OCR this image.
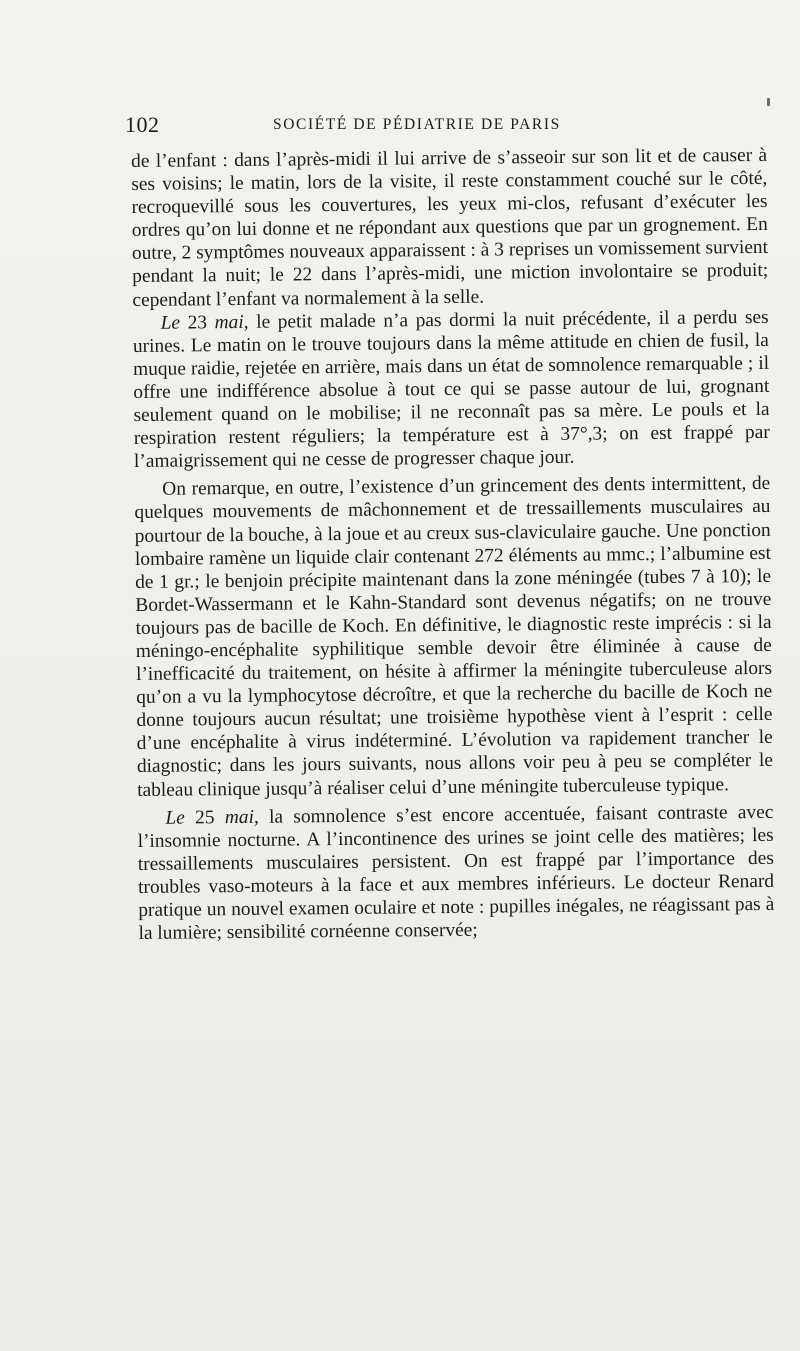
102	SOCIÉTÉ DE PÉDIATRIE DE PARIS

de l’enfant : dans l’après-midi il lui arrive de s’asseoir sur son lit et de causer à ses voisins; le matin, lors de la visite, il reste constamment couché sur le côté, recroquevillé sous les couvertures, les yeux mi-clos, refusant d’exécuter les ordres qu’on lui donne et ne répondant aux questions que par un grognement. En outre, 2 symptômes nouveaux apparaissent : à 3 reprises un vomissement survient pendant la nuit; le 22 dans l’après-midi, une miction involontaire se produit; cependant l’enfant va normalement à la selle.

Le 23 mai, le petit malade n’a pas dormi la nuit précédente, il a perdu ses urines. Le matin on le trouve toujours dans la même attitude en chien de fusil, la muque raidie, rejetée en arrière, mais dans un état de somnolence remarquable ; il offre une indifférence absolue à tout ce qui se passe autour de lui, grognant seulement quand on le mobilise; il ne reconnaît pas sa mère. Le pouls et la respiration restent réguliers; la température est à 37°,3; on est frappé par l’amaigrissement qui ne cesse de progresser chaque jour.

On remarque, en outre, l’existence d’un grincement des dents intermittent, de quelques mouvements de mâchonnement et de tressaillements musculaires au pourtour de la bouche, à la joue et au creux sus-claviculaire gauche. Une ponction lombaire ramène un liquide clair contenant 272 éléments au mmc.; l’albumine est de 1 gr.; le benjoin précipite maintenant dans la zone méningée (tubes 7 à 10); le Bordet-Wassermann et le Kahn-Standard sont devenus négatifs; on ne trouve toujours pas de bacille de Koch. En définitive, le diagnostic reste imprécis : si la méningo-encéphalite syphilitique semble devoir être éliminée à cause de l’inefficacité du traitement, on hésite à affirmer la méningite tuberculeuse alors qu’on a vu la lymphocytose décroître, et que la recherche du bacille de Koch ne donne toujours aucun résultat; une troisième hypothèse vient à l’esprit : celle d’une encéphalite à virus indéterminé. L’évolution va rapidement trancher le diagnostic; dans les jours suivants, nous allons voir peu à peu se compléter le tableau clinique jusqu’à réaliser celui d’une méningite tuberculeuse typique.

Le 25 mai, la somnolence s’est encore accentuée, faisant contraste avec l’insomnie nocturne. A l’incontinence des urines se joint celle des matières; les tressaillements musculaires persistent. On est frappé par l’importance des troubles vaso-moteurs à la face et aux membres inférieurs. Le docteur Renard pratique un nouvel examen oculaire et note : pupilles inégales, ne réagissant pas à la lumière; sensibilité cornéenne conservée;
